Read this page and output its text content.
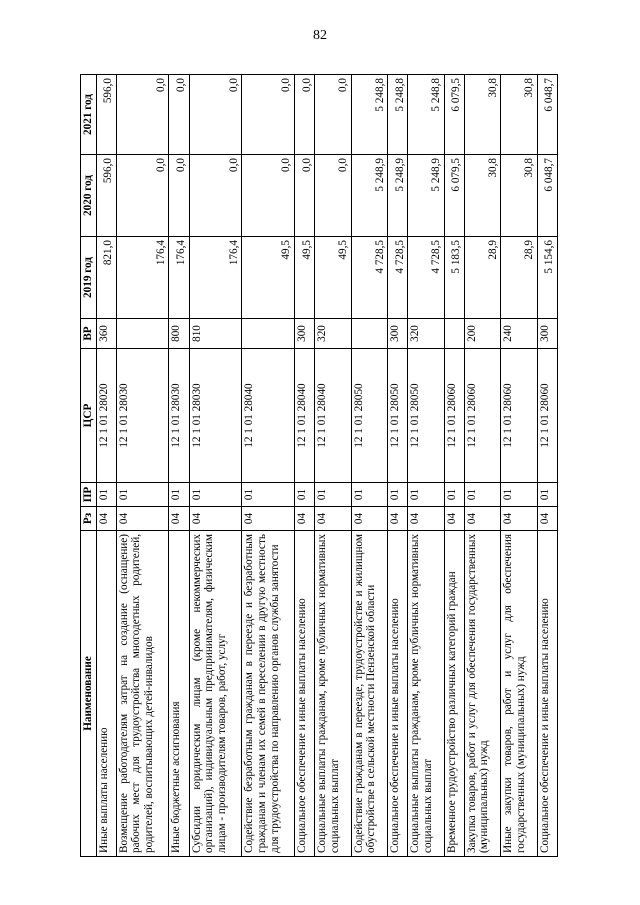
82
Наименование	Рз	ПР	ЦСР	ВР	2019 год	2020 год	2021 год
Иные выплаты населению	04	01	12 1 01 28020	360	821,0	596,0	596,0
Возмещение работодателям затрат на создание (оснащение) рабочих мест для трудоустройства многодетных родителей, родителей, воспитывающих детей-инвалидов	04	01	12 1 01 28030		176,4	0,0	0,0
Иные бюджетные ассигнования	04	01	12 1 01 28030	800	176,4	0,0	0,0
Субсидии юридическим лицам (кроме некоммерческих организаций), индивидуальным предпринимателям, физическим лицам - производителям товаров, работ, услуг	04	01	12 1 01 28030	810	176,4	0,0	0,0
Содействие безработным гражданам в переезде и безработным гражданам и членам их семей в переселении в другую местность для трудоустройства по направлению органов службы занятости	04	01	12 1 01 28040		49,5	0,0	0,0
Социальное обеспечение и иные выплаты населению	04	01	12 1 01 28040	300	49,5	0,0	0,0
Социальные выплаты гражданам, кроме публичных нормативных социальных выплат	04	01	12 1 01 28040	320	49,5	0,0	0,0
Содействие гражданам в переезде, трудоустройстве и жилищном обустройстве в сельской местности Пензенской области	04	01	12 1 01 28050		4 728,5	5 248,9	5 248,8
Социальное обеспечение и иные выплаты населению	04	01	12 1 01 28050	300	4 728,5	5 248,9	5 248,8
Социальные выплаты гражданам, кроме публичных нормативных социальных выплат	04	01	12 1 01 28050	320	4 728,5	5 248,9	5 248,8
Временное трудоустройство различных категорий граждан	04	01	12 1 01 28060		5 183,5	6 079,5	6 079,5
Закупка товаров, работ и услуг для обеспечения государственных (муниципальных) нужд	04	01	12 1 01 28060	200	28,9	30,8	30,8
Иные закупки товаров, работ и услуг для обеспечения государственных (муниципальных) нужд	04	01	12 1 01 28060	240	28,9	30,8	30,8
Социальное обеспечение и иные выплаты населению	04	01	12 1 01 28060	300	5 154,6	6 048,7	6 048,7
